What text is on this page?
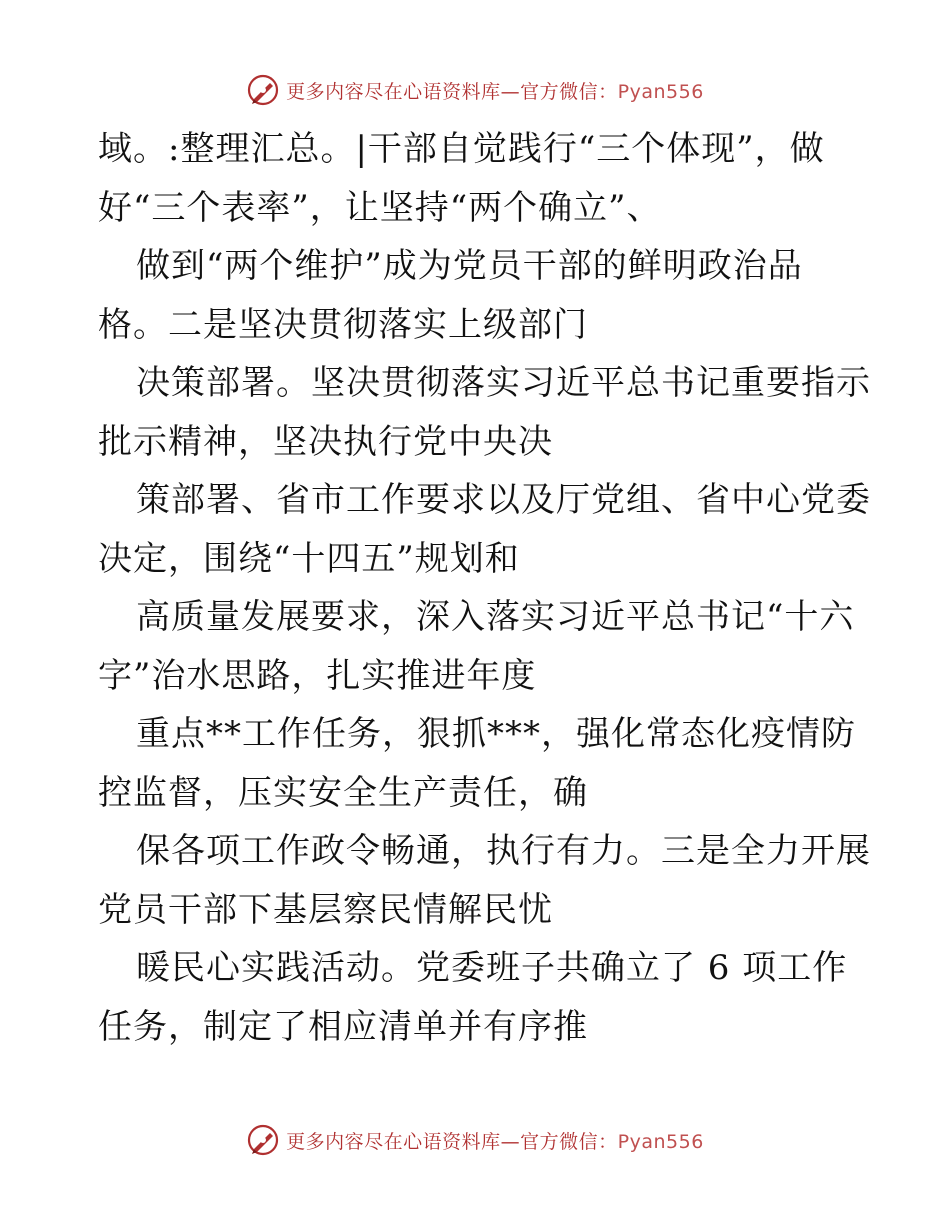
更多内容尽在心语资料库—官方微信：Pyan556
域。:整理汇总。|干部自觉践行“三个体现”，做
好“三个表率”，让坚持“两个确立”、
做到“两个维护”成为党员干部的鲜明政治品
格。二是坚决贯彻落实上级部门
决策部署。坚决贯彻落实习近平总书记重要指示
批示精神，坚决执行党中央决
策部署、省市工作要求以及厅党组、省中心党委
决定，围绕“十四五”规划和
高质量发展要求，深入落实习近平总书记“十六
字”治水思路，扎实推进年度
重点**工作任务，狠抓***，强化常态化疫情防
控监督，压实安全生产责任，确
保各项工作政令畅通，执行有力。三是全力开展
党员干部下基层察民情解民忧
暖民心实践活动。党委班子共确立了 6 项工作
任务，制定了相应清单并有序推
更多内容尽在心语资料库—官方微信：Pyan556
